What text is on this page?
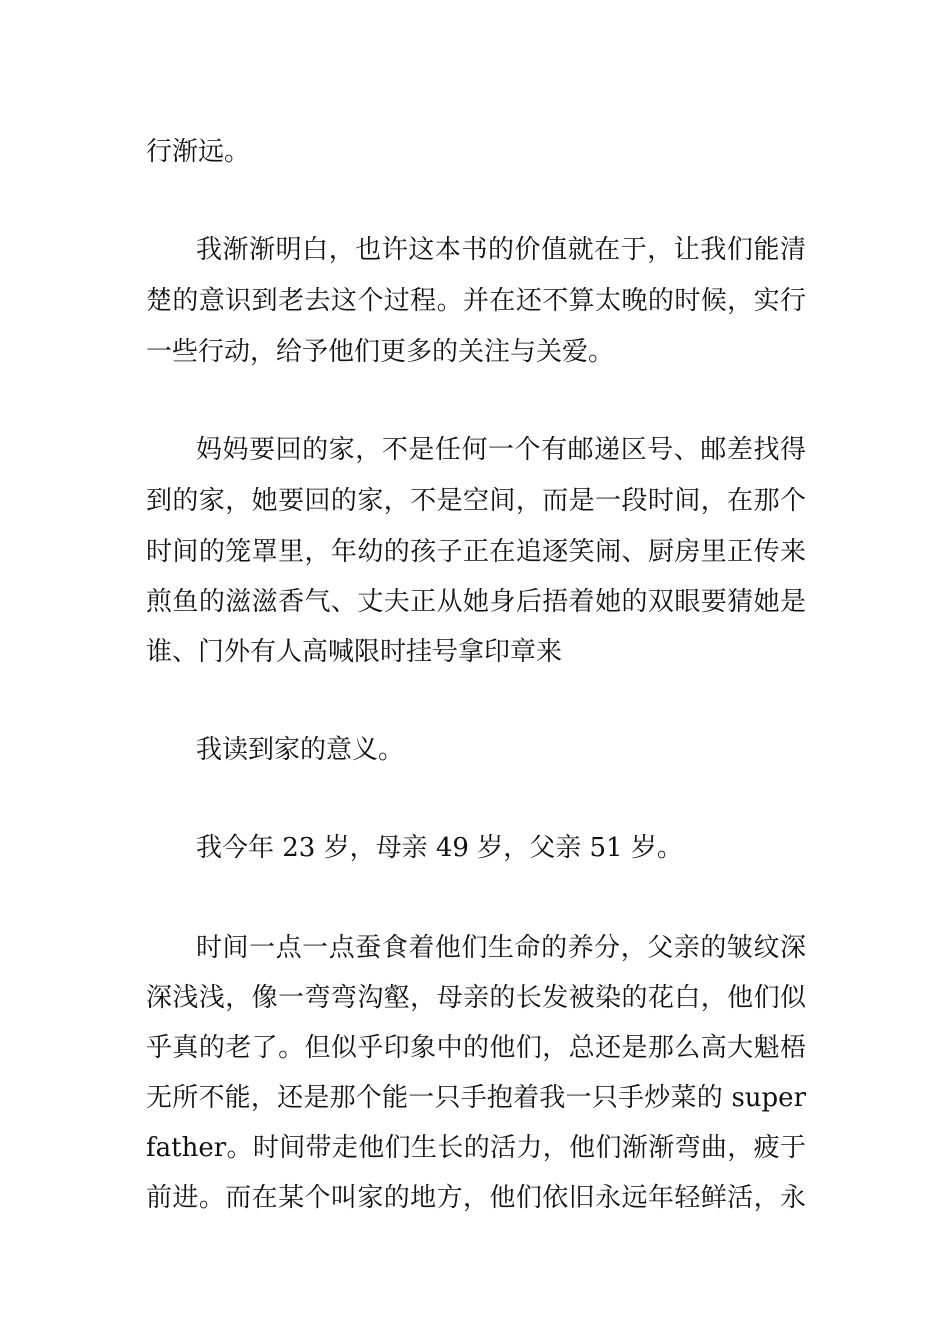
行渐远。
我渐渐明白，也许这本书的价值就在于，让我们能清
楚的意识到老去这个过程。并在还不算太晚的时候，实行
一些行动，给予他们更多的关注与关爱。
妈妈要回的家，不是任何一个有邮递区号、邮差找得
到的家，她要回的家，不是空间，而是一段时间，在那个
时间的笼罩里，年幼的孩子正在追逐笑闹、厨房里正传来
煎鱼的滋滋香气、丈夫正从她身后捂着她的双眼要猜她是
谁、门外有人高喊限时挂号拿印章来
我读到家的意义。
我今年 23 岁，母亲 49 岁，父亲 51 岁。
时间一点一点蚕食着他们生命的养分，父亲的皱纹深
深浅浅，像一弯弯沟壑，母亲的长发被染的花白，他们似
乎真的老了。但似乎印象中的他们，总还是那么高大魁梧
无所不能，还是那个能一只手抱着我一只手炒菜的 super
father。时间带走他们生长的活力，他们渐渐弯曲，疲于
前进。而在某个叫家的地方，他们依旧永远年轻鲜活，永
